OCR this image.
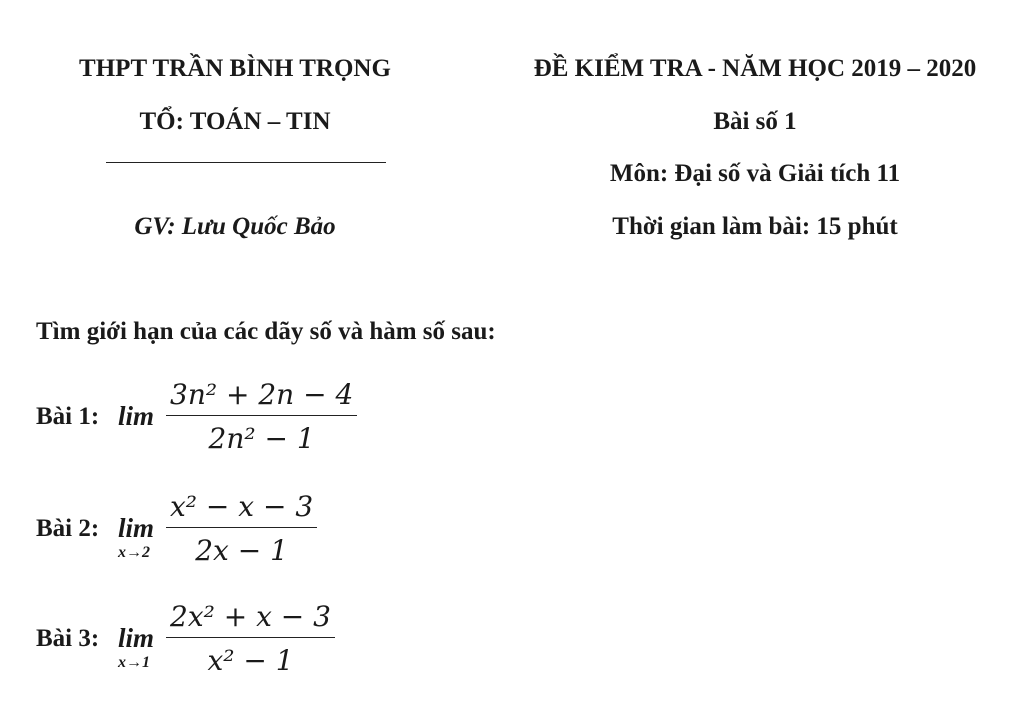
THPT TRẦN BÌNH TRỌNG
TỔ: TOÁN – TIN
GV: Lưu Quốc Bảo
ĐỀ KIỂM TRA - NĂM HỌC 2019 – 2020
Bài số 1
Môn: Đại số và Giải tích 11
Thời gian làm bài: 15 phút
Tìm giới hạn của các dãy số và hàm số sau:
Bài 1: lim
3n² + 2n − 4
2n² − 1
Bài 2: lim
x→2
x² − x − 3
2x − 1
Bài 3: lim
x→1
2x² + x − 3
x² − 1
